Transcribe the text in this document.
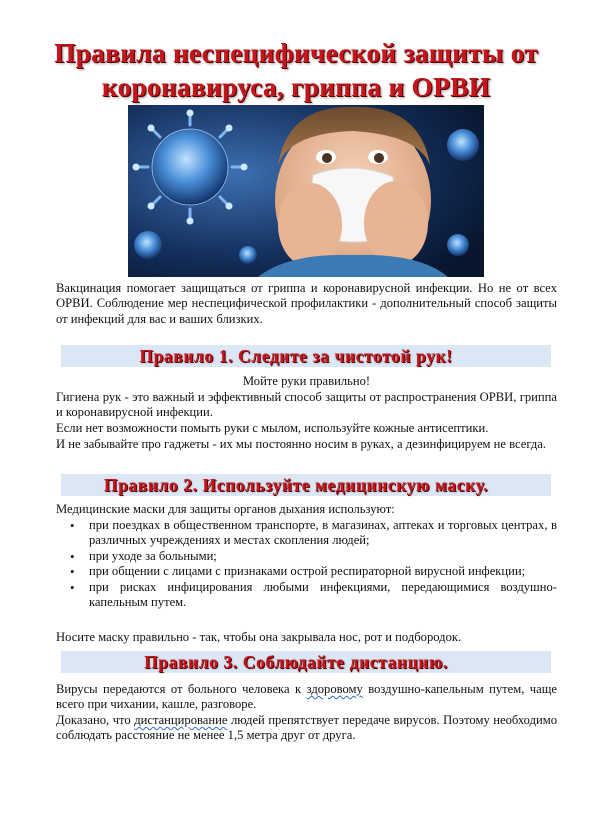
Правила неспецифической защиты от
коронавируса, гриппа и ОРВИ

Вакцинация помогает защищаться от гриппа и коронавирусной инфекции. Но не от всех ОРВИ. Соблюдение мер неспецифической профилактики - дополнительный способ защиты от инфекций для вас и ваших близких.

Правило 1. Следите за чистотой рук!

Мойте руки правильно!

Гигиена рук - это важный и эффективный способ защиты от распространения ОРВИ, гриппа и коронавирусной инфекции.

Если нет возможности помыть руки с мылом, используйте кожные антисептики.

И не забывайте про гаджеты - их мы постоянно носим в руках, а дезинфицируем не всегда.

Правило 2. Используйте медицинскую маску.

Медицинские маски для защиты органов дыхания используют:

• при поездках в общественном транспорте, в магазинах, аптеках и торговых центрах, в различных учреждениях и местах скопления людей;
• при уходе за больными;
• при общении с лицами с признаками острой респираторной вирусной инфекции;
• при рисках инфицирования любыми инфекциями, передающимися воздушно-капельным путем.

Носите маску правильно - так, чтобы она закрывала нос, рот и подбородок.

Правило 3. Соблюдайте дистанцию.

Вирусы передаются от больного человека к здоровому воздушно-капельным путем, чаще всего при чихании, кашле, разговоре.

Доказано, что дистанцирование людей препятствует передаче вирусов. Поэтому необходимо соблюдать расстояние не менее 1,5 метра друг от друга.
